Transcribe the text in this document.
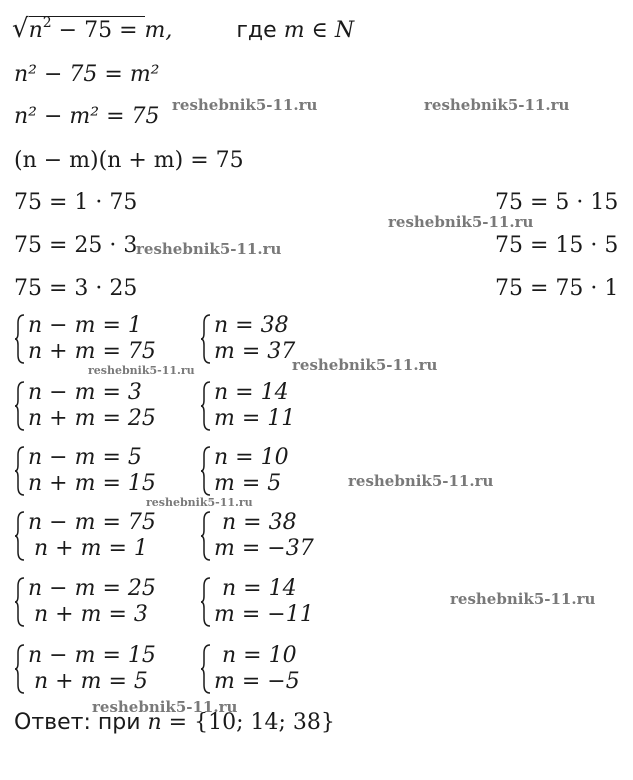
$√n^2 - 75 = m$,	где m ∈ N
n² − 75 = m²
n² − m² = 75
(n − m)(n + m) = 75
75 = 1 · 75
75 = 25 · 3
75 = 3 · 25
75 = 5 · 15
75 = 15 · 5
75 = 75 · 1
n − m = 1
n + m = 75
n − m = 3
n + m = 25
n − m = 5
n + m = 15
n − m = 75
n + m = 1
n − m = 25
n + m = 3
n − m = 15
n + m = 5
n = 38
m = 37
n = 14
m = 11
n = 10
m = 5
n = 38
m = −37
n = 14
m = −11
n = 10
m = −5
Ответ: при n = {10; 14; 38}
reshebnik5-11.ru	reshebnik5-11.ru
reshebnik5-11.ru
reshebnik5-11.ru
reshebnik5-11.ru
reshebnik5-11.ru
reshebnik5-11.ru
reshebnik5-11.ru
reshebnik5-11.ru
reshebnik5-11.ru
